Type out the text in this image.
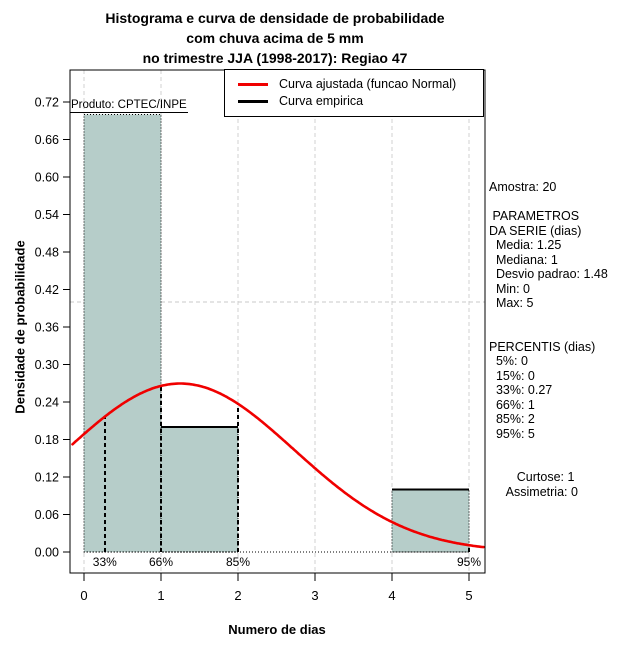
33%	66%	85%	95%
0.00
0.06
0.12
0.18
0.24
0.30
0.36
0.42
0.48
0.54
0.60
0.66
0.72
0	1	2	3	4	5
Histograma e curva de densidade de probabilidade
com chuva acima de 5 mm
no trimestre JJA (1998-2017): Regiao 47
Densidade de probabilidade
Numero de dias
Produto: CPTEC/INPE
Curva ajustada (funcao Normal)
Curva empirica
Amostra: 20

PARAMETROS
DA SERIE (dias)
Media: 1.25
Mediana: 1
Desvio padrao: 1.48
Min: 0
Max: 5

PERCENTIS (dias)
5%: 0
15%: 0
33%: 0.27
66%: 1
85%: 2
95%: 5

Curtose: 1
Assimetria: 0
